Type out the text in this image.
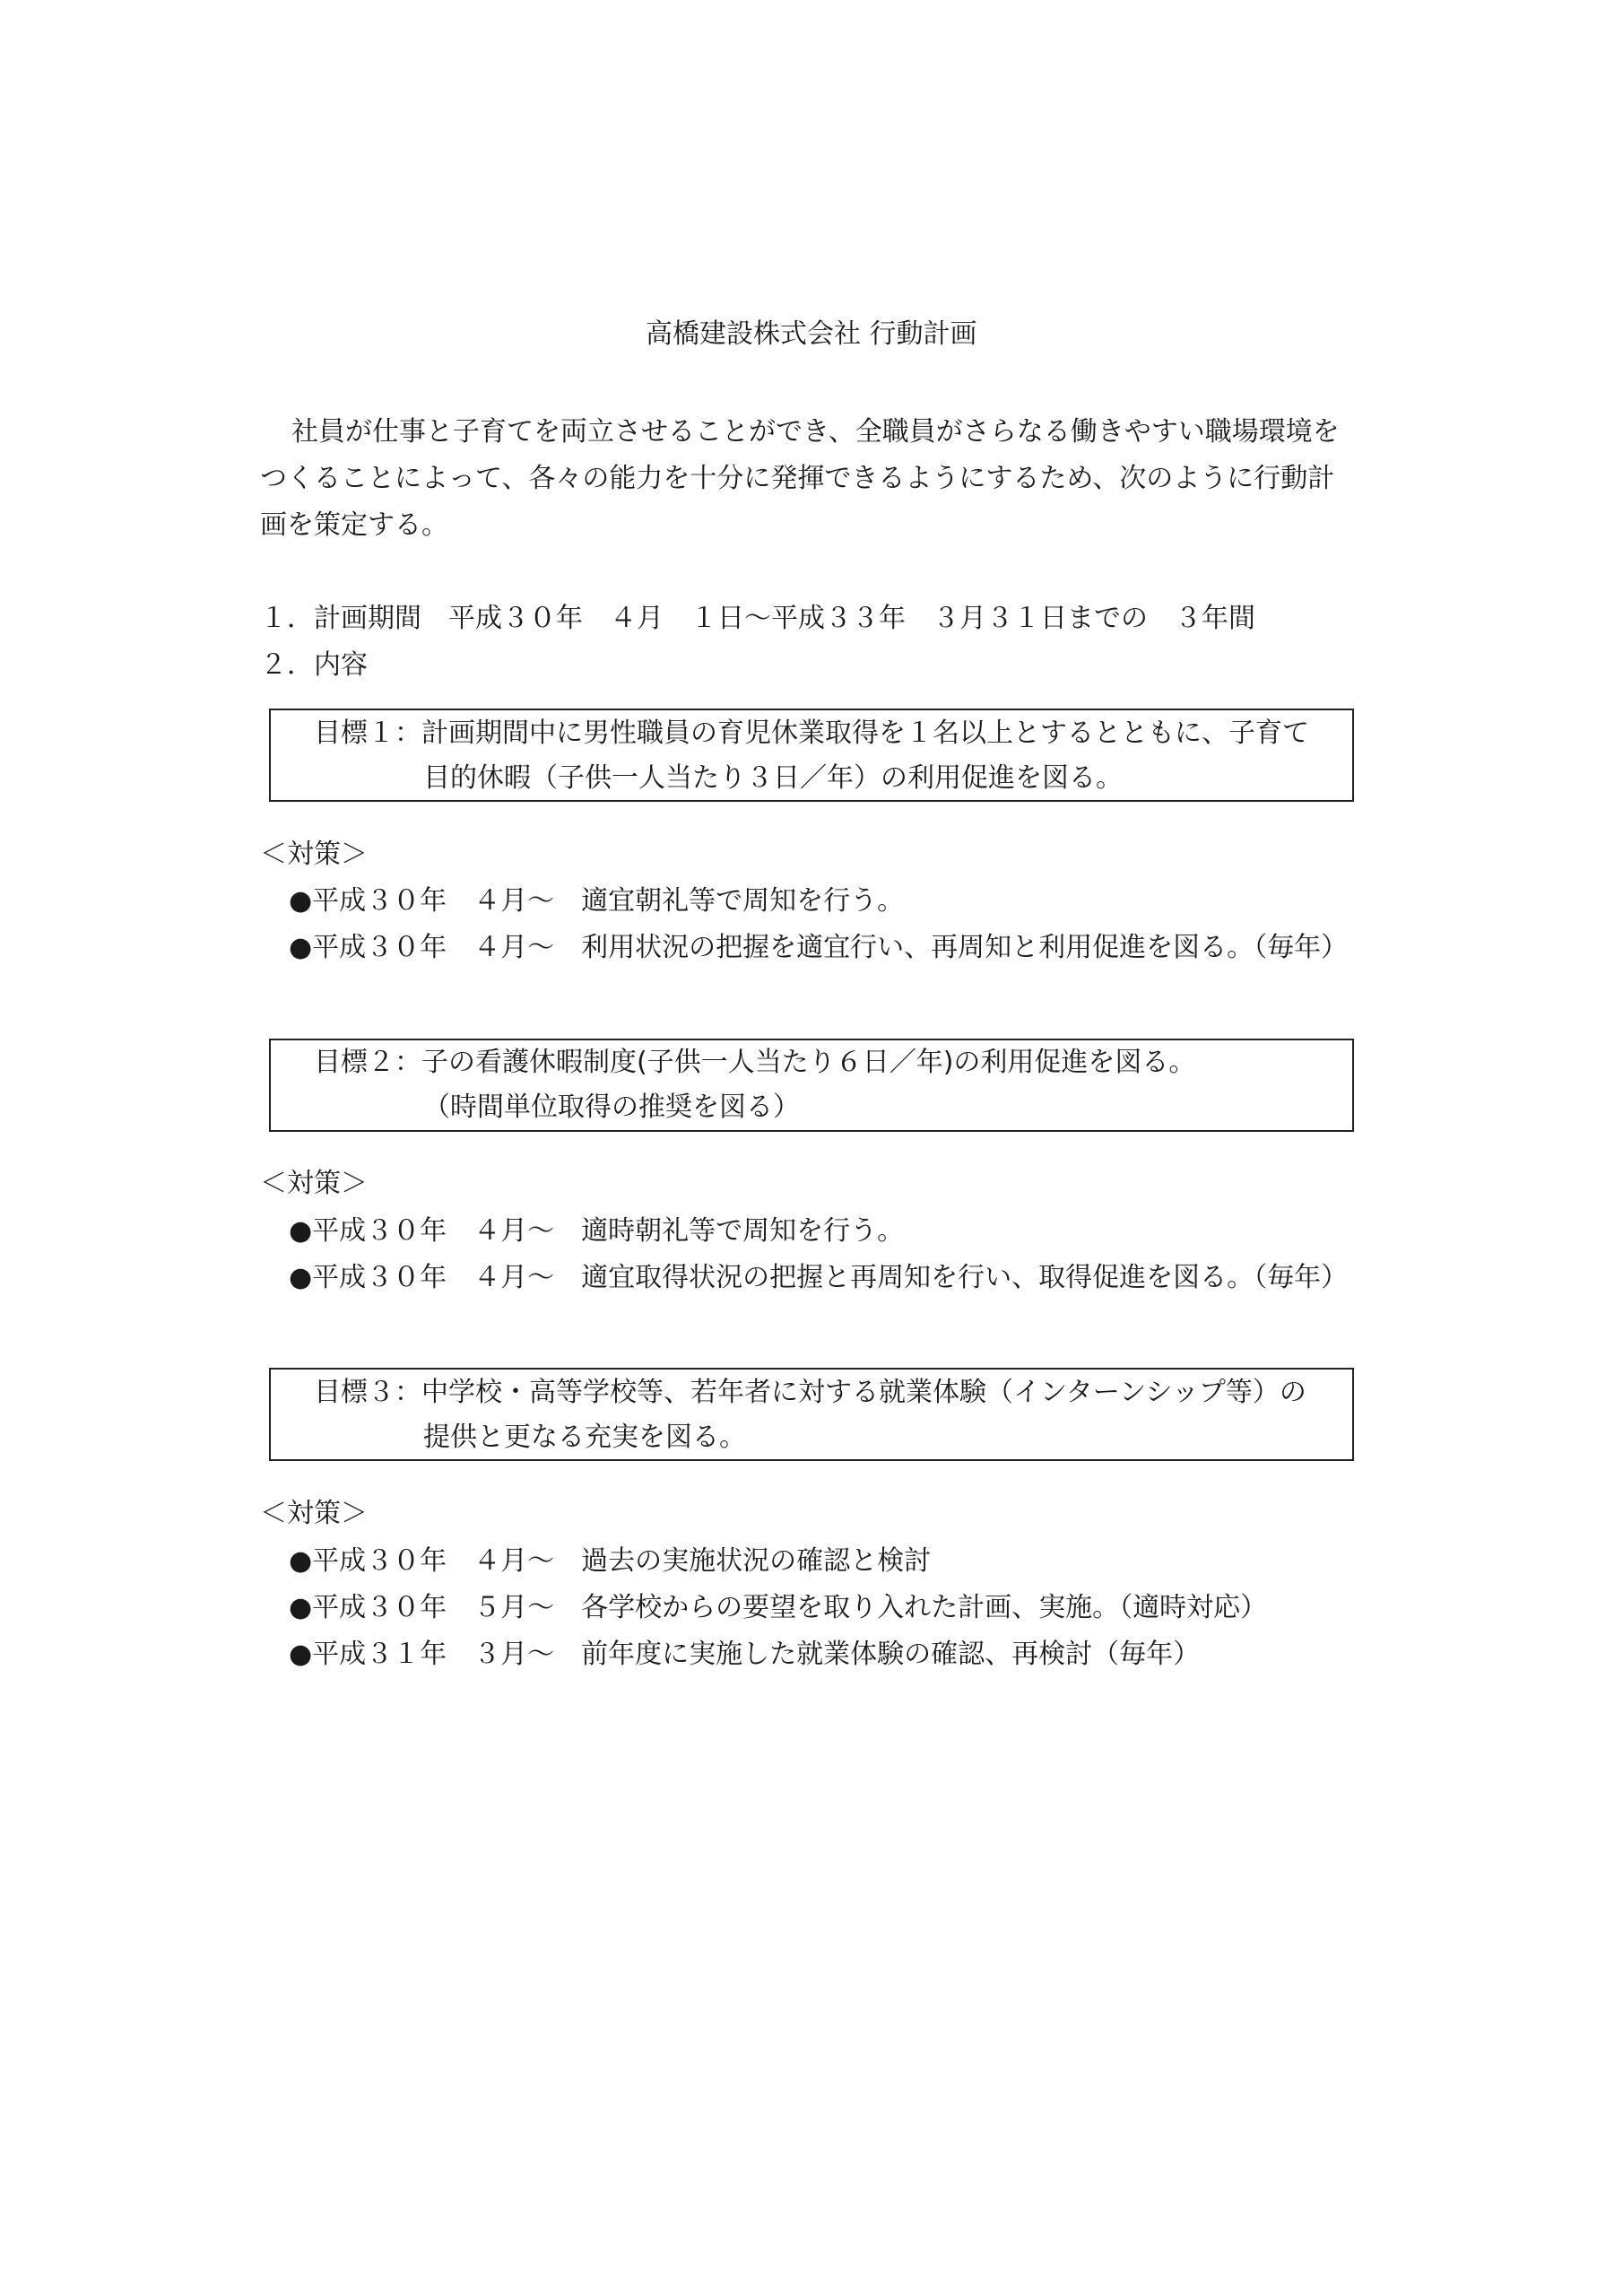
高橋建設株式会社 行動計画
社員が仕事と子育てを両立させることができ、全職員がさらなる働きやすい職場環境を
つくることによって、各々の能力を十分に発揮できるようにするため、次のように行動計
画を策定する。
１．計画期間　平成３０年　４月　１日～平成３３年　３月３１日までの　３年間
２．内容
目標１：計画期間中に男性職員の育児休業取得を１名以上とするとともに、子育て
目的休暇（子供一人当たり３日／年）の利用促進を図る。
＜対策＞
●平成３０年　４月～　適宜朝礼等で周知を行う。
●平成３０年　４月～　利用状況の把握を適宜行い、再周知と利用促進を図る。（毎年）
目標２：子の看護休暇制度(子供一人当たり６日／年)の利用促進を図る。
（時間単位取得の推奨を図る）
＜対策＞
●平成３０年　４月～　適時朝礼等で周知を行う。
●平成３０年　４月～　適宜取得状況の把握と再周知を行い、取得促進を図る。（毎年）
目標３：中学校・高等学校等、若年者に対する就業体験（インターンシップ等）の
提供と更なる充実を図る。
＜対策＞
●平成３０年　４月～　過去の実施状況の確認と検討
●平成３０年　５月～　各学校からの要望を取り入れた計画、実施。（適時対応）
●平成３１年　３月～　前年度に実施した就業体験の確認、再検討（毎年）
